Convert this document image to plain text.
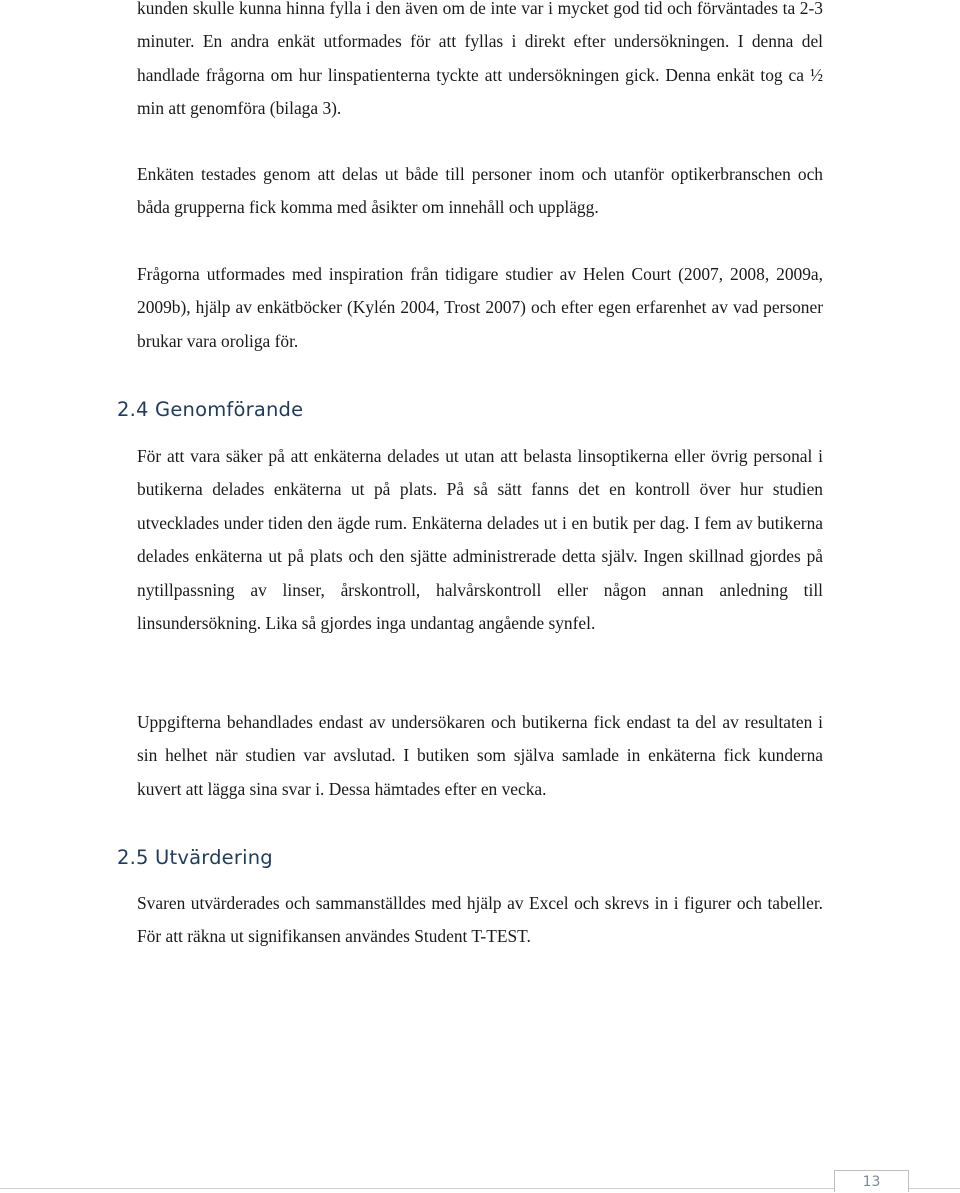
kunden skulle kunna hinna fylla i den även om de inte var i mycket god tid och förväntades ta 2-3 minuter. En andra enkät utformades för att fyllas i direkt efter undersökningen. I denna del handlade frågorna om hur linspatienterna tyckte att undersökningen gick. Denna enkät tog ca ½ min att genomföra (bilaga 3).

Enkäten testades genom att delas ut både till personer inom och utanför optikerbranschen och båda grupperna fick komma med åsikter om innehåll och upplägg.

Frågorna utformades med inspiration från tidigare studier av Helen Court (2007, 2008, 2009a, 2009b), hjälp av enkätböcker (Kylén 2004, Trost 2007) och efter egen erfarenhet av vad personer brukar vara oroliga för.

2.4 Genomförande

För att vara säker på att enkäterna delades ut utan att belasta linsoptikerna eller övrig personal i butikerna delades enkäterna ut på plats. På så sätt fanns det en kontroll över hur studien utvecklades under tiden den ägde rum. Enkäterna delades ut i en butik per dag. I fem av butikerna delades enkäterna ut på plats och den sjätte administrerade detta själv. Ingen skillnad gjordes på nytillpassning av linser, årskontroll, halvårskontroll eller någon annan anledning till linsundersökning. Lika så gjordes inga undantag angående synfel.

Uppgifterna behandlades endast av undersökaren och butikerna fick endast ta del av resultaten i sin helhet när studien var avslutad. I butiken som själva samlade in enkäterna fick kunderna kuvert att lägga sina svar i. Dessa hämtades efter en vecka.

2.5 Utvärdering

Svaren utvärderades och sammanställdes med hjälp av Excel och skrevs in i figurer och tabeller. För att räkna ut signifikansen användes Student T-TEST.

13
